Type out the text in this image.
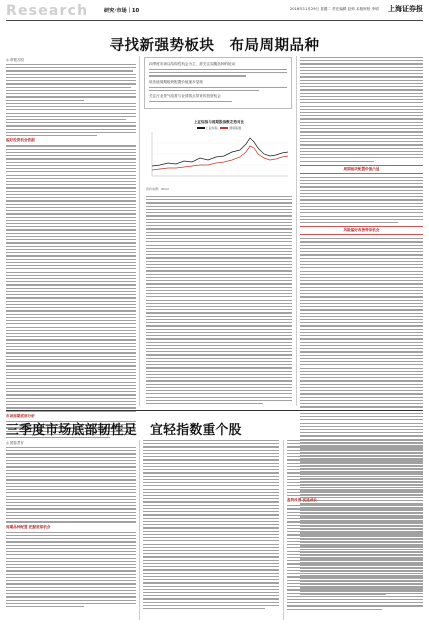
Research	研究·市场｜10	2016年11月29日 星期二 责任编辑 赵帅 本版审校 李明 上海证券报
寻找新强势板块　布局周期品种
◎ 申银万国
偏好投资机会依据
市场周期底部分析
四季度市场以结构性机会为主，需关注周期品种的轮动
低估值周期板块配置价值逐步显现
关注行业景气改善与业绩拐点带来的投资机会
上证综指与周期股指数走势对比
上证综指	周期指数
资料来源：Wind
周期板块配置价值凸显
风险偏好改善带来机会
三季度市场底部韧性足　宜轻指数重个股
◎ 国泰君安
周期品种配置 把握底部机会
盈利改善 优选成长
